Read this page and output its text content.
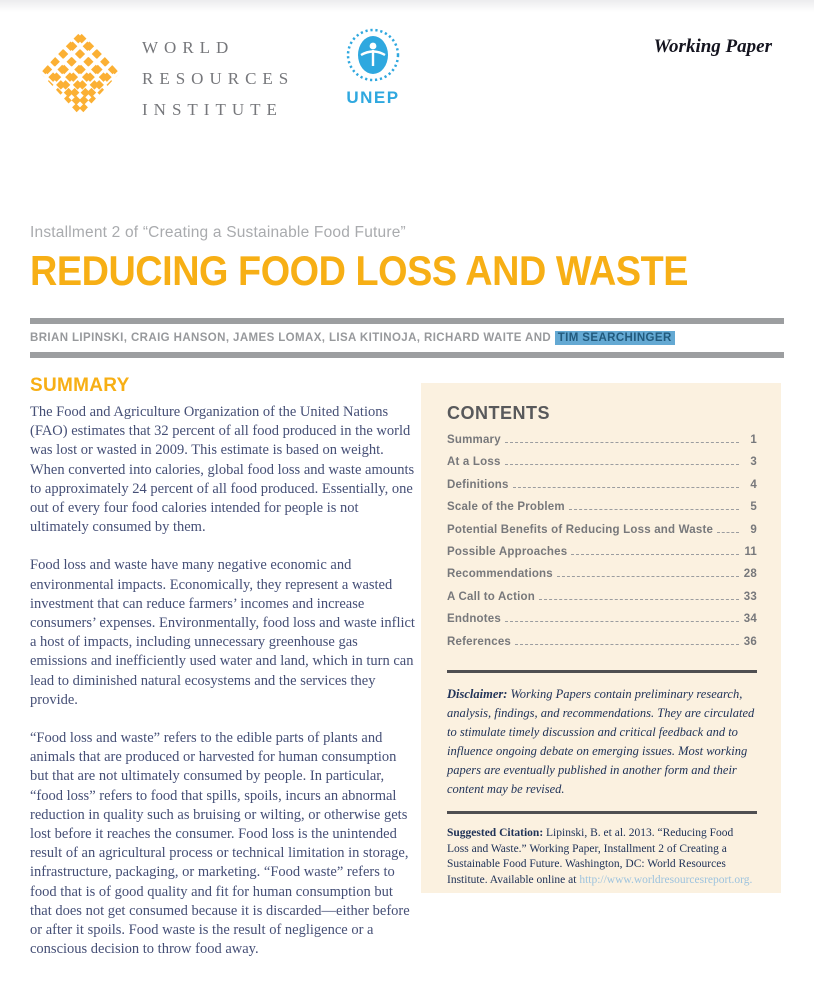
WORLD
RESOURCES
INSTITUTE
UNEP
Working Paper
Installment 2 of “Creating a Sustainable Food Future”
REDUCING FOOD LOSS AND WASTE
BRIAN LIPINSKI, CRAIG HANSON, JAMES LOMAX, LISA KITINOJA, RICHARD WAITE AND TIM SEARCHINGER
SUMMARY

The Food and Agriculture Organization of the United Nations (FAO) estimates that 32 percent of all food produced in the world was lost or wasted in 2009. This estimate is based on weight. When converted into calories, global food loss and waste amounts to approximately 24 percent of all food produced. Essentially, one out of every four food calories intended for people is not ultimately consumed by them.

Food loss and waste have many negative economic and environmental impacts. Economically, they represent a wasted investment that can reduce farmers’ incomes and increase consumers’ expenses. Environmentally, food loss and waste inflict a host of impacts, including unnecessary greenhouse gas emissions and inefficiently used water and land, which in turn can lead to diminished natural ecosystems and the services they provide.

“Food loss and waste” refers to the edible parts of plants and animals that are produced or harvested for human consumption but that are not ultimately consumed by people. In particular, “food loss” refers to food that spills, spoils, incurs an abnormal reduction in quality such as bruising or wilting, or otherwise gets lost before it reaches the consumer. Food loss is the unintended result of an agricultural process or technical limitation in storage, infrastructure, packaging, or marketing. “Food waste” refers to food that is of good quality and fit for human consumption but that does not get consumed because it is discarded—either before or after it spoils. Food waste is the result of negligence or a conscious decision to throw food away.

CONTENTS
Summary	1
At a Loss	3
Definitions	4
Scale of the Problem	5
Potential Benefits of Reducing Loss and Waste	9
Possible Approaches	11
Recommendations	28
A Call to Action	33
Endnotes	34
References	36

Disclaimer: Working Papers contain preliminary research, analysis, findings, and recommendations. They are circulated to stimulate timely discussion and critical feedback and to influence ongoing debate on emerging issues. Most working papers are eventually published in another form and their content may be revised.

Suggested Citation: Lipinski, B. et al. 2013. “Reducing Food Loss and Waste.” Working Paper, Installment 2 of Creating a Sustainable Food Future. Washington, DC: World Resources Institute. Available online at http://www.worldresourcesreport.org.
